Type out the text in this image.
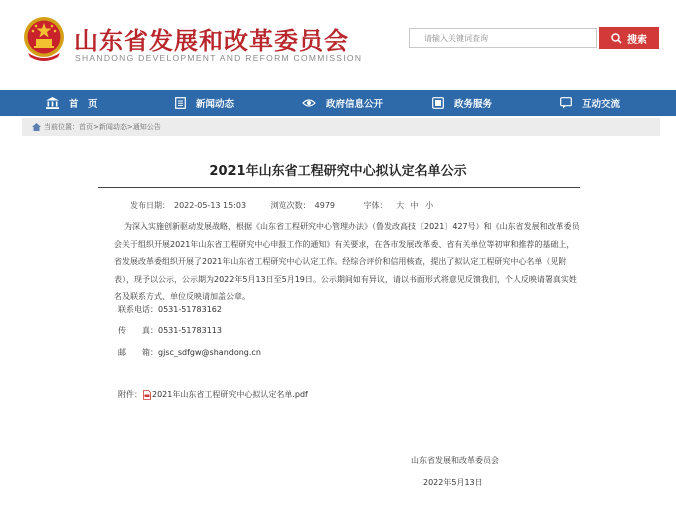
山东省发展和改革委员会
SHANDONG DEVELOPMENT AND REFORM COMMISSION
请输入关键词查询
搜索
首　页	新闻动态	政府信息公开	政务服务	互动交流
当前位置： 首页>新闻动态>通知公告
2021年山东省工程研究中心拟认定名单公示
发布日期： 2022-05-13 15:03	浏览次数： 4979	字体： 大 中 小
为深入实施创新驱动发展战略，根据《山东省工程研究中心管理办法》（鲁发改高技〔2021〕427号）和《山东省发展和改革委员会关于组织开展2021年山东省工程研究中心申报工作的通知》有关要求，在各市发展改革委、省有关单位等初审和推荐的基础上，省发展改革委组织开展了2021年山东省工程研究中心认定工作。经综合评价和信用核查，提出了拟认定工程研究中心名单（见附表），现予以公示，公示期为2022年5月13日至5月19日。公示期间如有异议，请以书面形式将意见反馈我们，个人反映请署真实姓名及联系方式、单位反映请加盖公章。
联系电话：0531-51783162
传　　真：0531-51783113
邮　　箱：gjsc_sdfgw@shandong.cn
附件： 2021年山东省工程研究中心拟认定名单.pdf
山东省发展和改革委员会
2022年5月13日
